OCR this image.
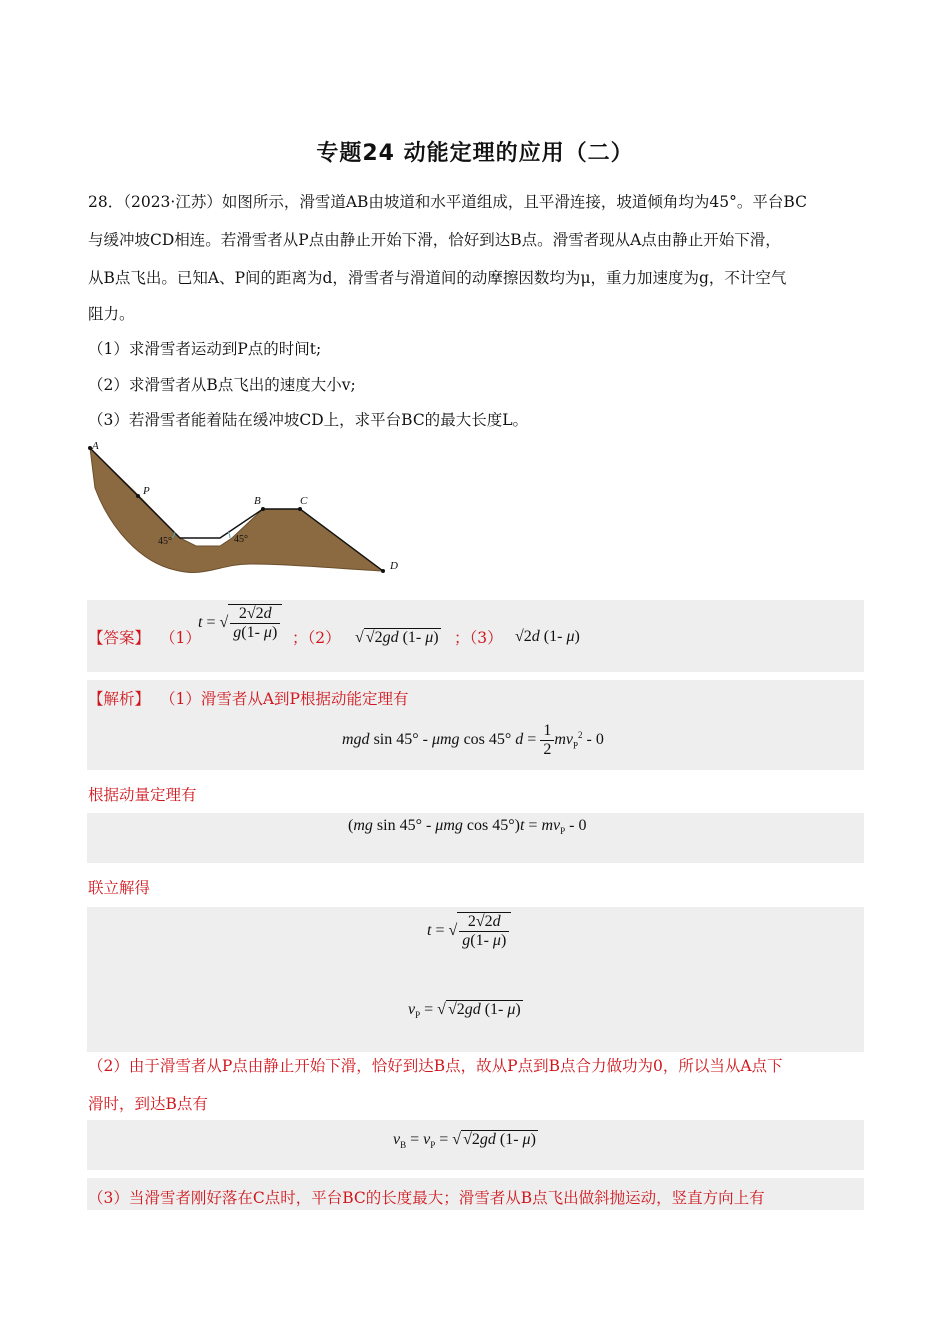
专题24 动能定理的应用（二）
28．（2023·江苏）如图所示，滑雪道AB由坡道和水平道组成，且平滑连接，坡道倾角均为45°。平台BC
与缓冲坡CD相连。若滑雪者从P点由静止开始下滑，恰好到达B点。滑雪者现从A点由静止开始下滑，
从B点飞出。已知A、P间的距离为d，滑雪者与滑道间的动摩擦因数均为μ，重力加速度为g，不计空气
阻力。
（1）求滑雪者运动到P点的时间t;
（2）求滑雪者从B点飞出的速度大小v;
（3）若滑雪者能着陆在缓冲坡CD上，求平台BC的最大长度L。
A
P
B	C
D
45°	45°
【答案】 （1）
t = √ $\frac{2√2d}{g(1- \mu)}$ ；（2） √ √2gd (1- μ) ；（3） √2d (1- μ)
【解析】 （1）滑雪者从A到P根据动能定理有
mgd sin 45° - μmg cos 45° $d = \frac{1}{2} mv_P^2 - 0$
根据动量定理有
(mg sin 45° - μmg $\cos 45^\circ)t = mv_P - 0$
联立解得
t = √ $\frac{2√2d}{g(1- \mu)}$
$v_P$ = √ √2gd (1- μ)
（2）由于滑雪者从P点由静止开始下滑，恰好到达B点，故从P点到B点合力做功为0，所以当从A点下
滑时，到达B点有
$v_B = v_P$ = √ √2gd (1- μ)
（3）当滑雪者刚好落在C点时，平台BC的长度最大；滑雪者从B点飞出做斜抛运动，竖直方向上有
